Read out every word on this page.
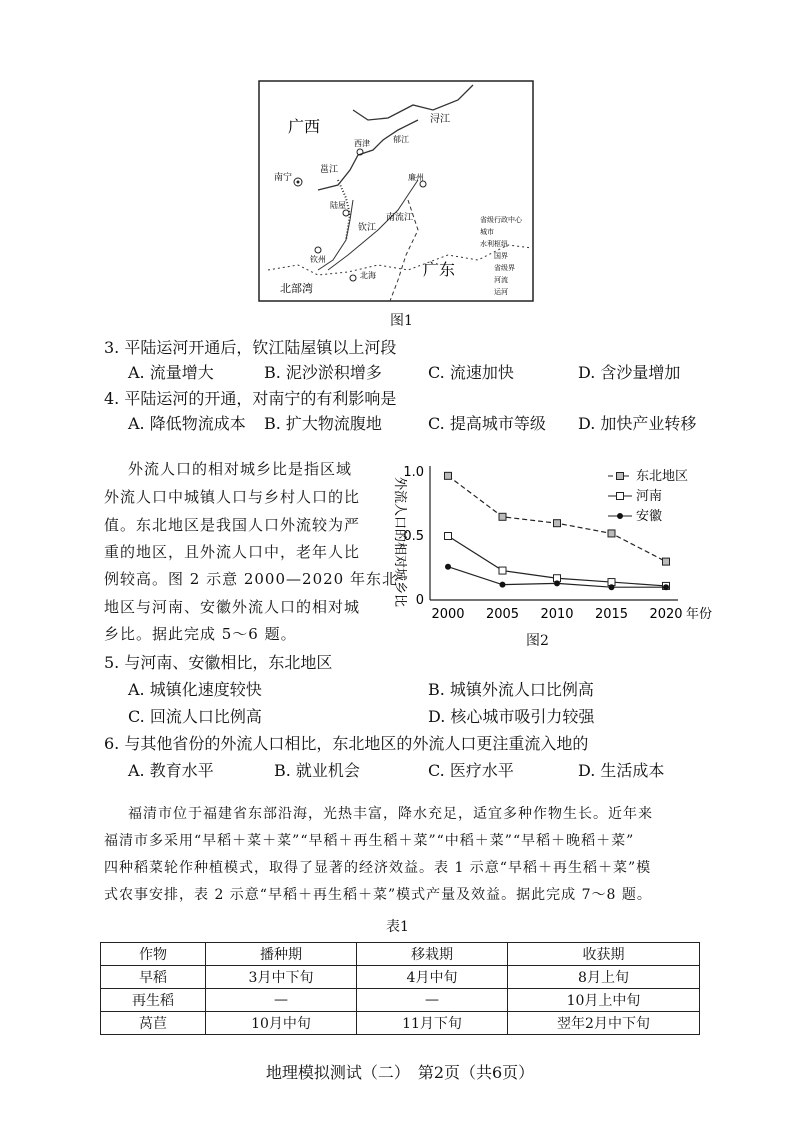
广西
广东
浔江
南宁
邕江
西津	郁江
陆屋
钦州
钦江
南流江
北部湾
廉州
北海
省级行政中心
城市
水利枢纽
国界
省级界
河流
运河
图1
3. 平陆运河开通后，钦江陆屋镇以上河段
A. 流量增大	B. 泥沙淤积增多	C. 流速加快	D. 含沙量增加
4. 平陆运河的开通，对南宁的有利影响是
A. 降低物流成本 B. 扩大物流腹地	C. 提高城市等级 D. 加快产业转移
外流人口的相对城乡比是指区域
外流人口中城镇人口与乡村人口的比
值。东北地区是我国人口外流较为严
重的地区，且外流人口中，老年人比
例较高。图 2 示意 2000—2020 年东北
地区与河南、安徽外流人口的相对城
乡比。据此完成 5～6 题。
外流人口的相对城乡比 0
0.5
1.0
2000 2005 2010 2015 2020 年份
东北地区
河南
安徽
图2
5. 与河南、安徽相比，东北地区
A. 城镇化速度较快	B. 城镇外流人口比例高
C. 回流人口比例高	D. 核心城市吸引力较强
6. 与其他省份的外流人口相比，东北地区的外流人口更注重流入地的
A. 教育水平	B. 就业机会	C. 医疗水平	D. 生活成本
福清市位于福建省东部沿海，光热丰富，降水充足，适宜多种作物生长。近年来
福清市多采用“早稻＋菜＋菜”“早稻＋再生稻＋菜”“中稻＋菜”“早稻＋晚稻＋菜”
四种稻菜轮作种植模式，取得了显著的经济效益。表 1 示意“早稻＋再生稻＋菜”模
式农事安排，表 2 示意“早稻＋再生稻＋菜”模式产量及效益。据此完成 7～8 题。
表1
作物	播种期	移栽期	收获期
早稻	3月中下旬	4月中旬	8月上旬
再生稻	—	—	10月上中旬
莴苣	10月中旬	11月下旬	翌年2月中下旬
地理模拟测试（二）　第2页（共6页）
